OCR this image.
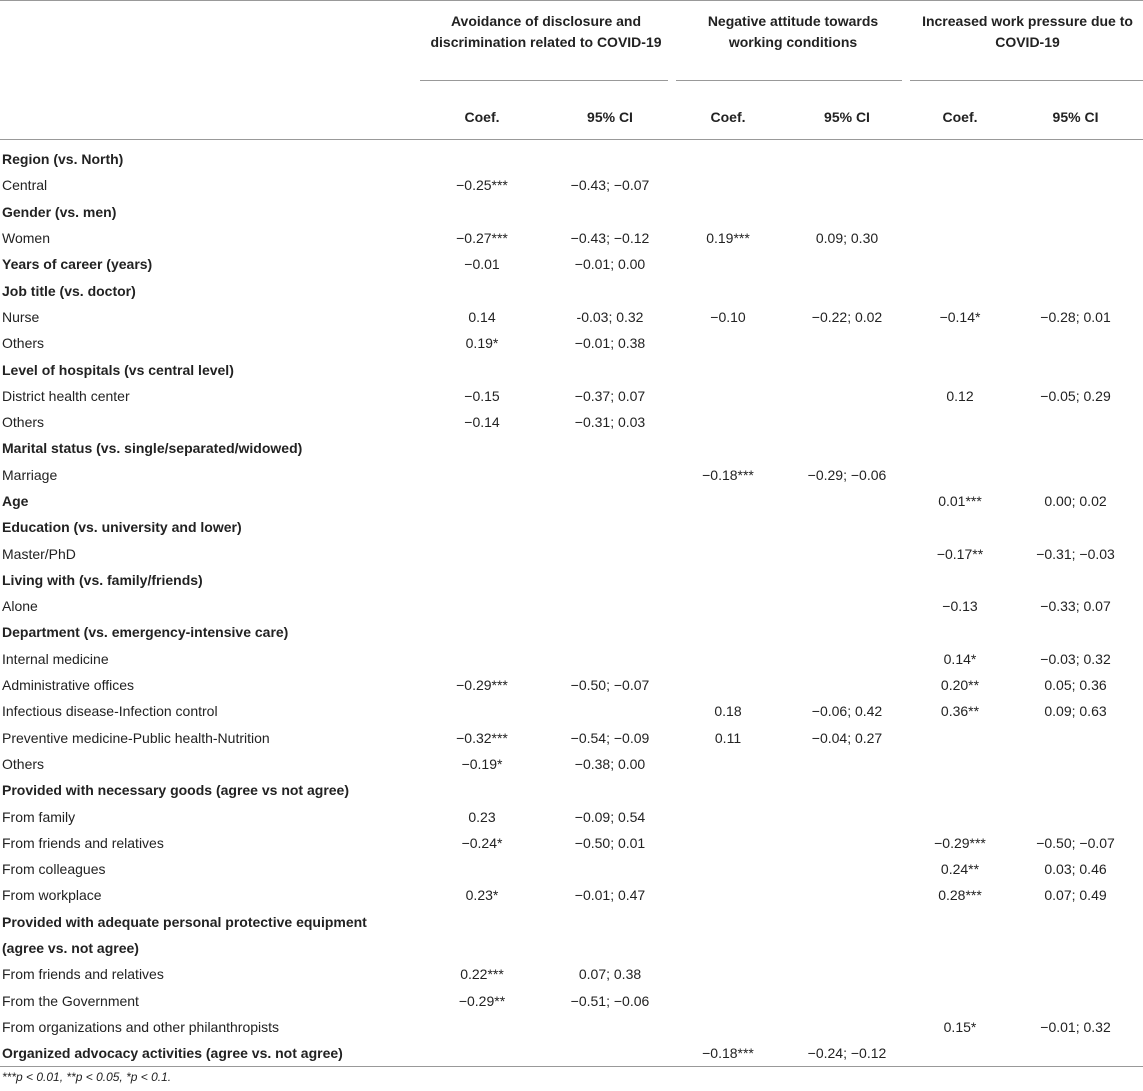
	Avoidance of disclosure and discrimination related to COVID-19		Negative attitude towards working conditions		Increased work pressure due to COVID-19	

	Coef.	95% CI	Coef.	95% CI	Coef.	95% CI
Region (vs. North)						
Central	−0.25***	−0.43; −0.07				
Gender (vs. men)						
Women	−0.27***	−0.43; −0.12	0.19***	0.09; 0.30		
Years of career (years)	−0.01	−0.01; 0.00				
Job title (vs. doctor)						
Nurse	0.14	-0.03; 0.32	−0.10	−0.22; 0.02	−0.14*	−0.28; 0.01
Others	0.19*	−0.01; 0.38				
Level of hospitals (vs central level)						
District health center	−0.15	−0.37; 0.07			0.12	−0.05; 0.29
Others	−0.14	−0.31; 0.03				
Marital status (vs. single/separated/widowed)						
Marriage			−0.18***	−0.29; −0.06		
Age					0.01***	0.00; 0.02
Education (vs. university and lower)						
Master/PhD					−0.17**	−0.31; −0.03
Living with (vs. family/friends)						
Alone					−0.13	−0.33; 0.07
Department (vs. emergency-intensive care)						
Internal medicine					0.14*	−0.03; 0.32
Administrative offices	−0.29***	−0.50; −0.07			0.20**	0.05; 0.36
Infectious disease-Infection control			0.18	−0.06; 0.42	0.36**	0.09; 0.63
Preventive medicine-Public health-Nutrition	−0.32***	−0.54; −0.09	0.11	−0.04; 0.27		
Others	−0.19*	−0.38; 0.00				
Provided with necessary goods (agree vs not agree)						
From family	0.23	−0.09; 0.54				
From friends and relatives	−0.24*	−0.50; 0.01			−0.29***	−0.50; −0.07
From colleagues					0.24**	0.03; 0.46
From workplace	0.23*	−0.01; 0.47			0.28***	0.07; 0.49
Provided with adequate personal protective equipment						
(agree vs. not agree)						
From friends and relatives	0.22***	0.07; 0.38				
From the Government	−0.29**	−0.51; −0.06				
From organizations and other philanthropists					0.15*	−0.01; 0.32
Organized advocacy activities (agree vs. not agree)			−0.18***	−0.24; −0.12		
***p < 0.01, **p < 0.05, *p < 0.1.
